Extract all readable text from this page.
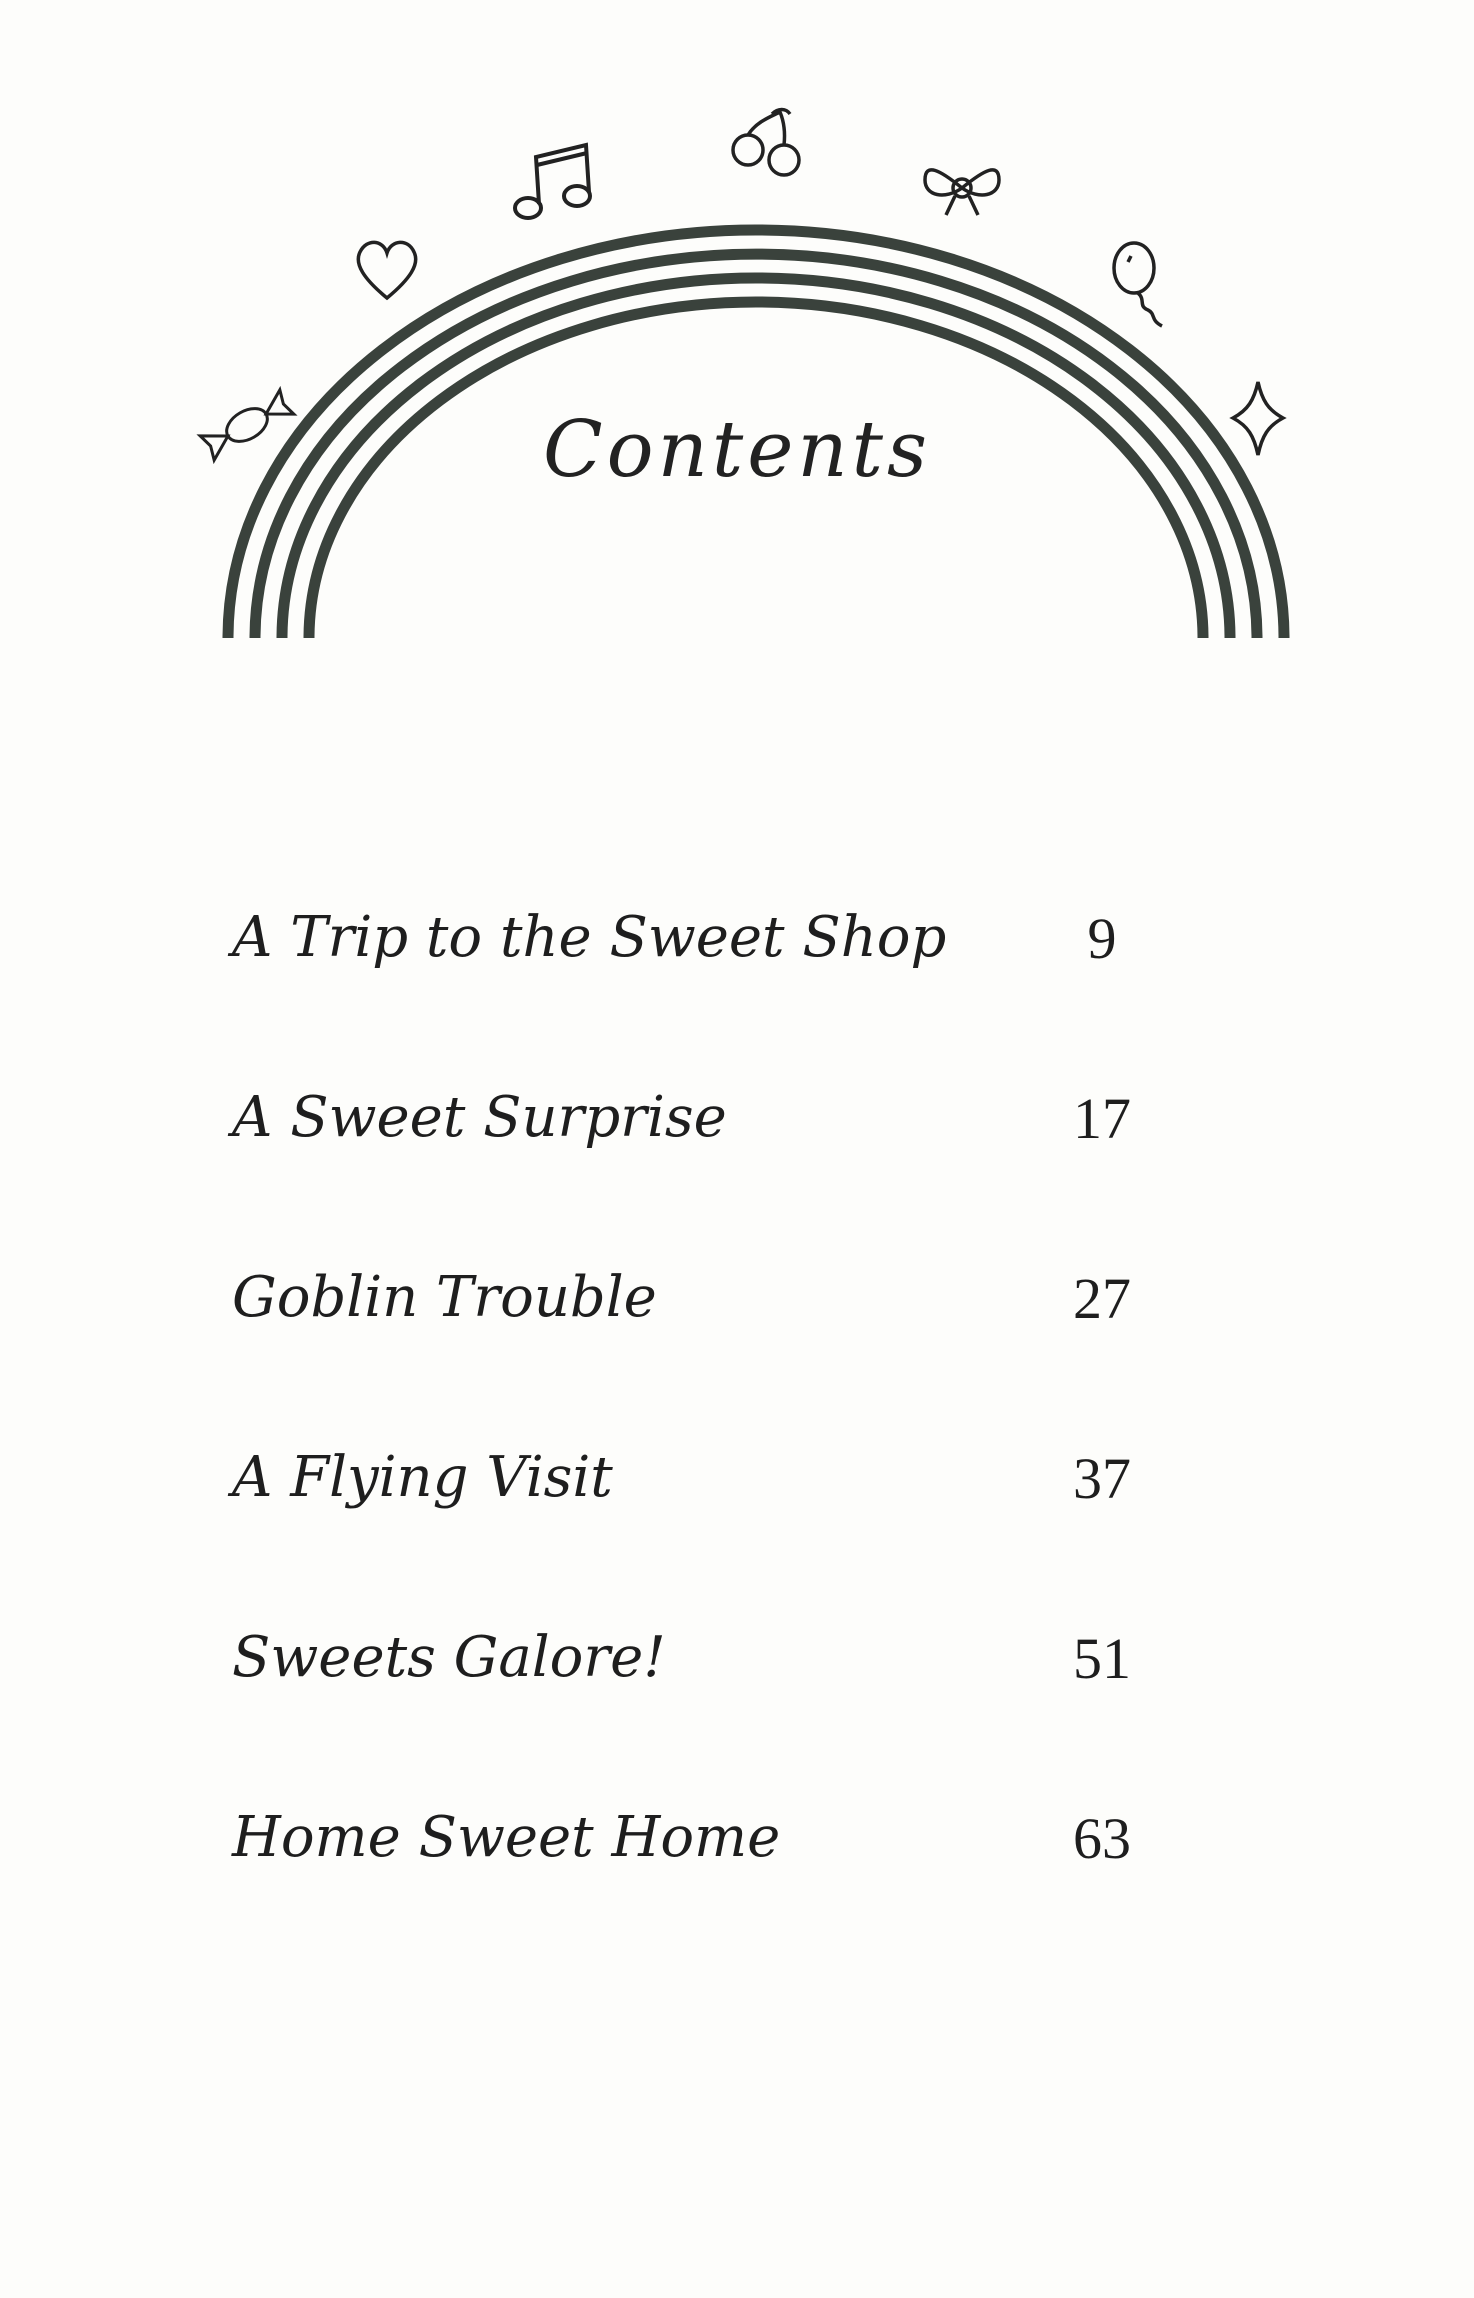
Contents
A Trip to the Sweet Shop	9
A Sweet Surprise	17
Goblin Trouble	27
A Flying Visit	37
Sweets Galore!	51
Home Sweet Home	63
